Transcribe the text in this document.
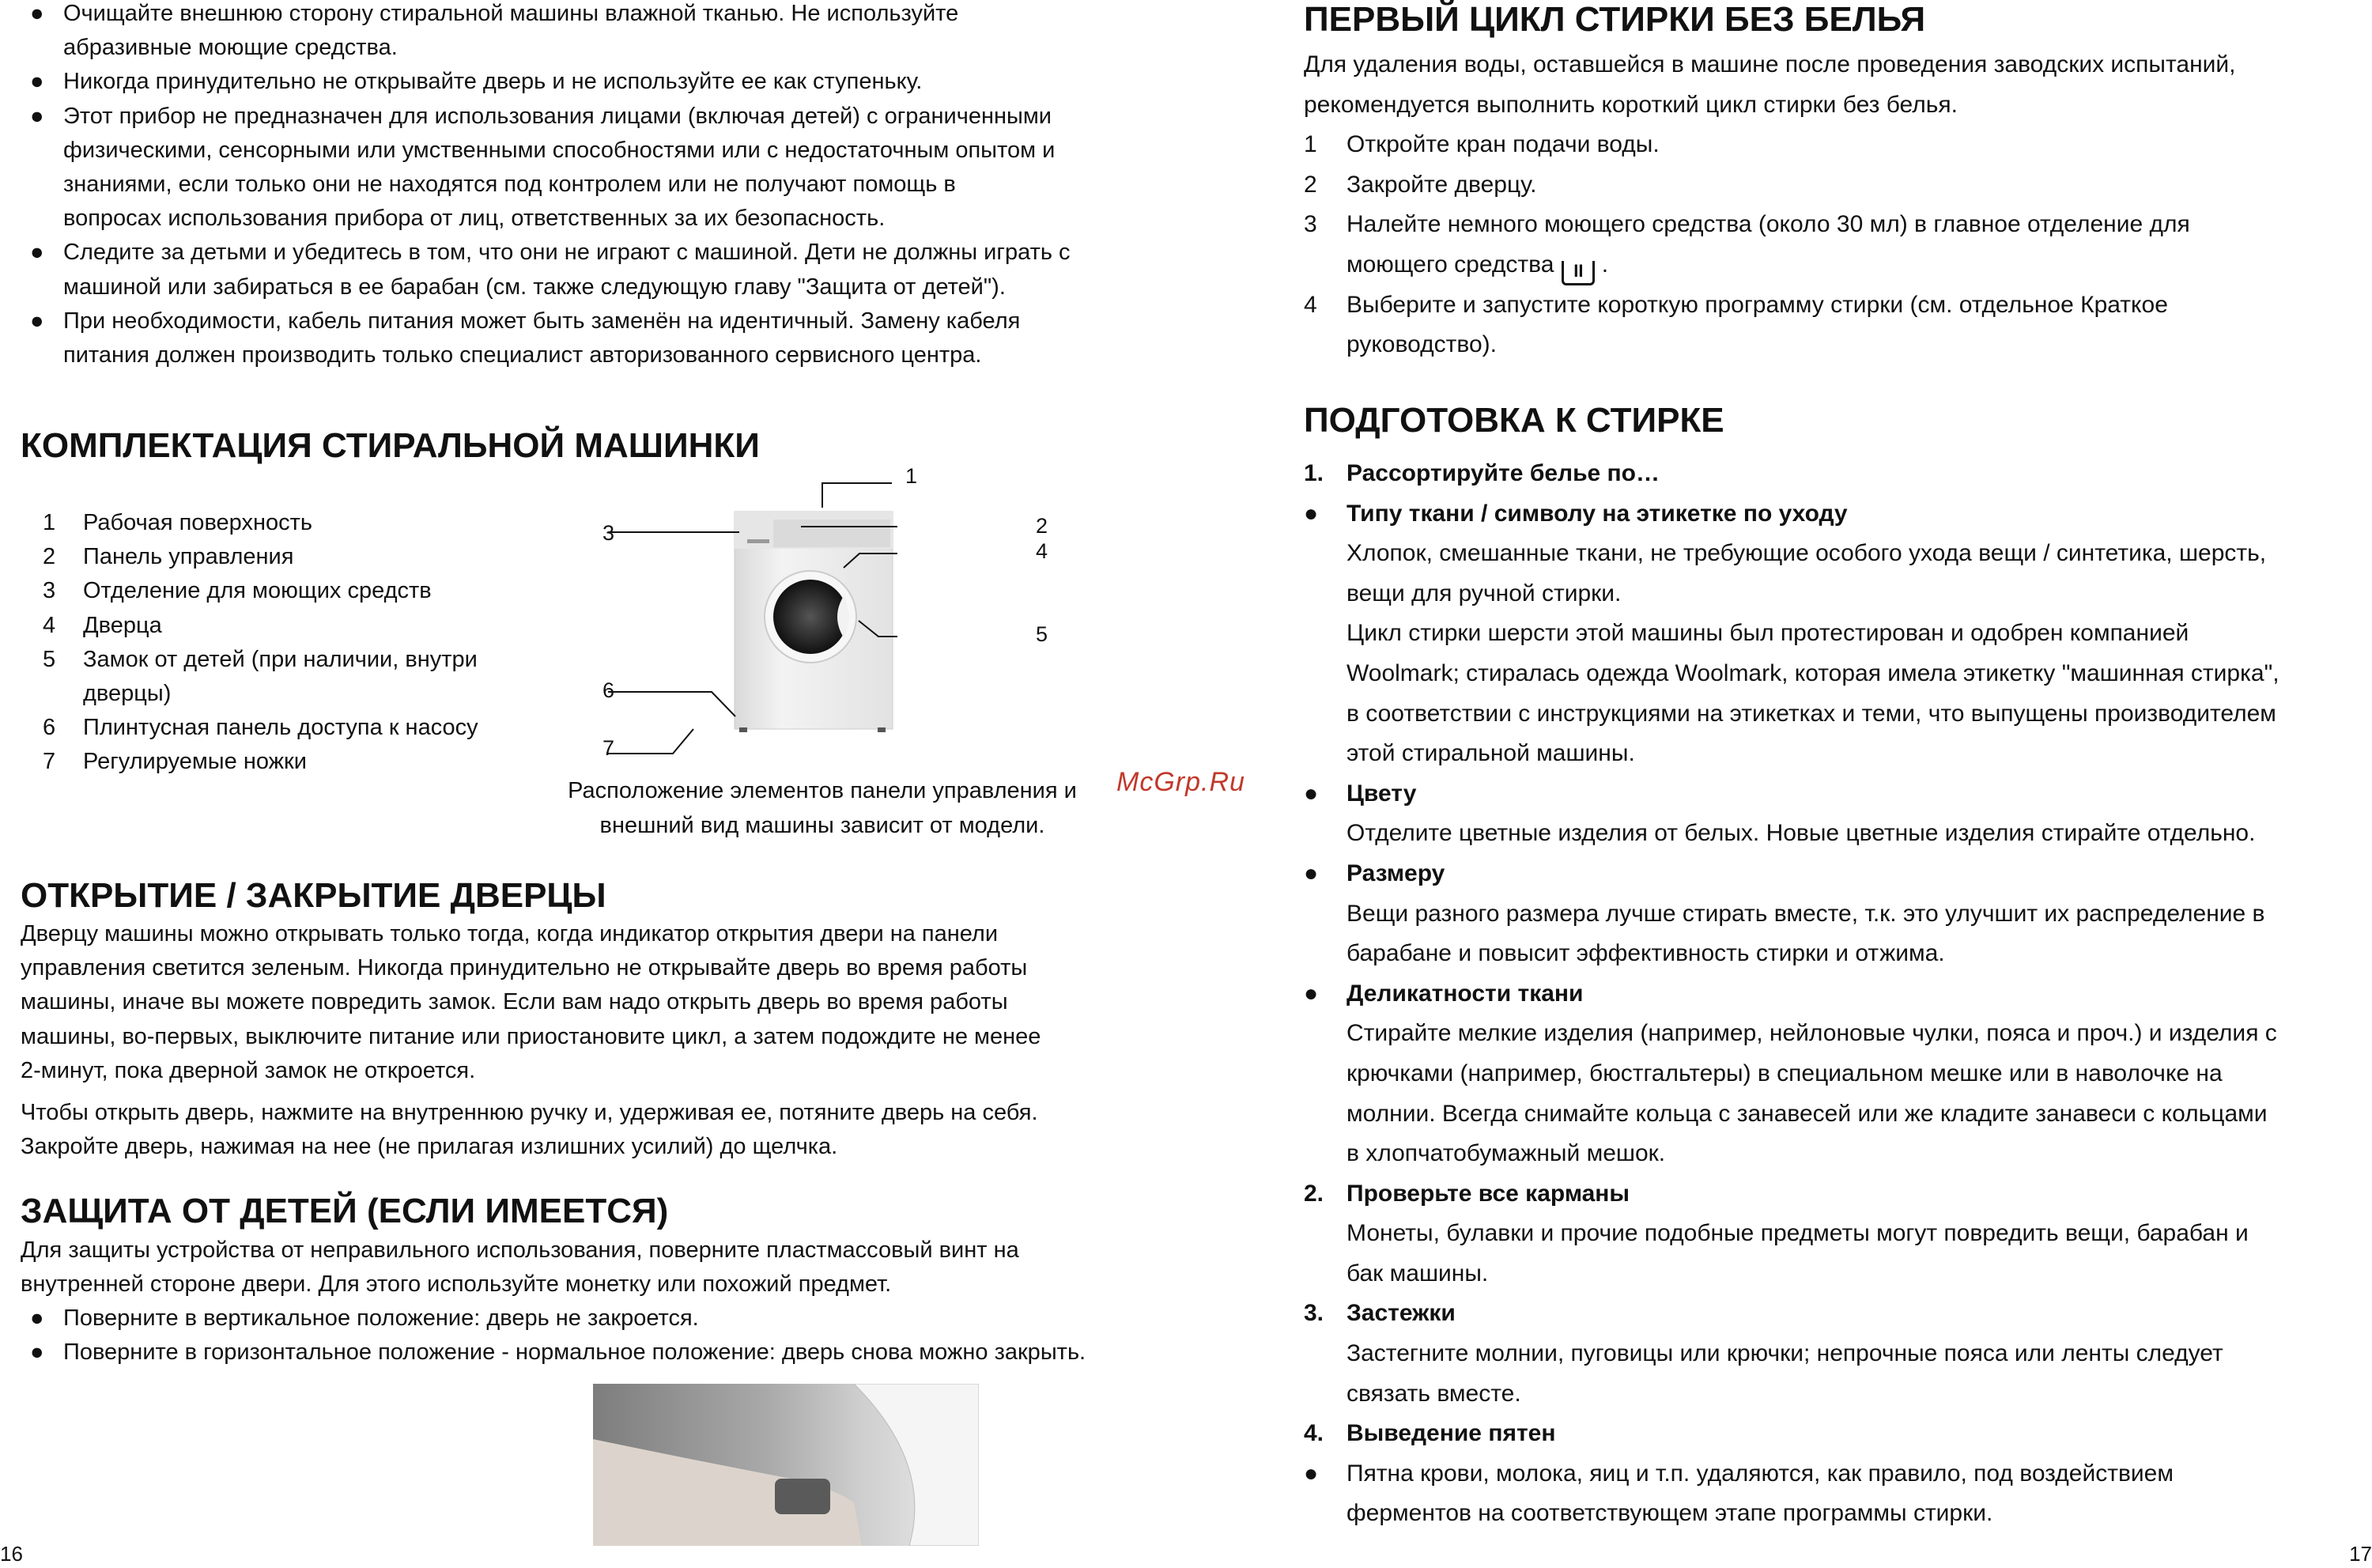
● Очищайте внешнюю сторону стиральной машины влажной тканью. Не используйте
абразивные моющие средства.
● Никогда принудительно не открывайте дверь и не используйте ее как ступеньку.
● Этот прибор не предназначен для использования лицами (включая детей) с ограниченными
физическими, сенсорными или умственными способностями или с недостаточным опытом и
знаниями, если только они не находятся под контролем или не получают помощь в
вопросах использования прибора от лиц, ответственных за их безопасность.
● Следите за детьми и убедитесь в том, что они не играют с машиной. Дети не должны играть с
машиной или забираться в ее барабан (см. также следующую главу "Защита от детей").
● При необходимости, кабель питания может быть заменён на идентичный. Замену кабеля
питания должен производить только специалист авторизованного сервисного центра.
КОМПЛЕКТАЦИЯ СТИРАЛЬНОЙ МАШИНКИ
1 Рабочая поверхность
2 Панель управления
3 Отделение для моющих средств
4 Дверца
5 Замок от детей (при наличии, внутри
дверцы)
6 Плинтусная панель доступа к насосу
7 Регулируемые ножки
1
2
3
4
5
6
7
Расположение элементов панели управления и
внешний вид машины зависит от модели.
McGrp.Ru
ОТКРЫТИЕ / ЗАКРЫТИЕ ДВЕРЦЫ
Дверцу машины можно открывать только тогда, когда индикатор открытия двери на панели
управления светится зеленым. Никогда принудительно не открывайте дверь во время работы
машины, иначе вы можете повредить замок. Если вам надо открыть дверь во время работы
машины, во-первых, выключите питание или приостановите цикл, а затем подождите не менее
2-минут, пока дверной замок не откроется.
Чтобы открыть дверь, нажмите на внутреннюю ручку и, удерживая ее, потяните дверь на себя.
Закройте дверь, нажимая на нее (не прилагая излишних усилий) до щелчка.
ЗАЩИТА ОТ ДЕТЕЙ (ЕСЛИ ИМЕЕТСЯ)
Для защиты устройства от неправильного использования, поверните пластмассовый винт на
внутренней стороне двери. Для этого используйте монетку или похожий предмет.
● Поверните в вертикальное положение: дверь не закроется.
● Поверните в горизонтальное положение - нормальное положение: дверь снова можно закрыть.
16
ПЕРВЫЙ ЦИКЛ СТИРКИ БЕЗ БЕЛЬЯ
Для удаления воды, оставшейся в машине после проведения заводских испытаний,
рекомендуется выполнить короткий цикл стирки без белья.
1 Откройте кран подачи воды.
2 Закройте дверцу.
3 Налейте немного моющего средства (около 30 мл) в главное отделение для
моющего средства II .
4 Выберите и запустите короткую программу стирки (см. отдельное Краткое
руководство).
ПОДГОТОВКА К СТИРКЕ
1. Рассортируйте белье по…
● Типу ткани / символу на этикетке по уходу
Хлопок, смешанные ткани, не требующие особого ухода вещи / синтетика, шерсть,
вещи для ручной стирки.
Цикл стирки шерсти этой машины был протестирован и одобрен компанией
Woolmark; стиралась одежда Woolmark, которая имела этикетку "машинная стирка",
в соответствии с инструкциями на этикетках и теми, что выпущены производителем
этой стиральной машины.
● Цвету
Отделите цветные изделия от белых. Новые цветные изделия стирайте отдельно.
● Размеру
Вещи разного размера лучше стирать вместе, т.к. это улучшит их распределение в
барабане и повысит эффективность стирки и отжима.
● Деликатности ткани
Стирайте мелкие изделия (например, нейлоновые чулки, пояса и проч.) и изделия с
крючками (например, бюстгальтеры) в специальном мешке или в наволочке на
молнии. Всегда снимайте кольца с занавесей или же кладите занавеси с кольцами
в хлопчатобумажный мешок.
2. Проверьте все карманы
Монеты, булавки и прочие подобные предметы могут повредить вещи, барабан и
бак машины.
3. Застежки
Застегните молнии, пуговицы или крючки; непрочные пояса или ленты следует
связать вместе.
4. Выведение пятен
● Пятна крови, молока, яиц и т.п. удаляются, как правило, под воздействием
ферментов на соответствующем этапе программы стирки.
17
